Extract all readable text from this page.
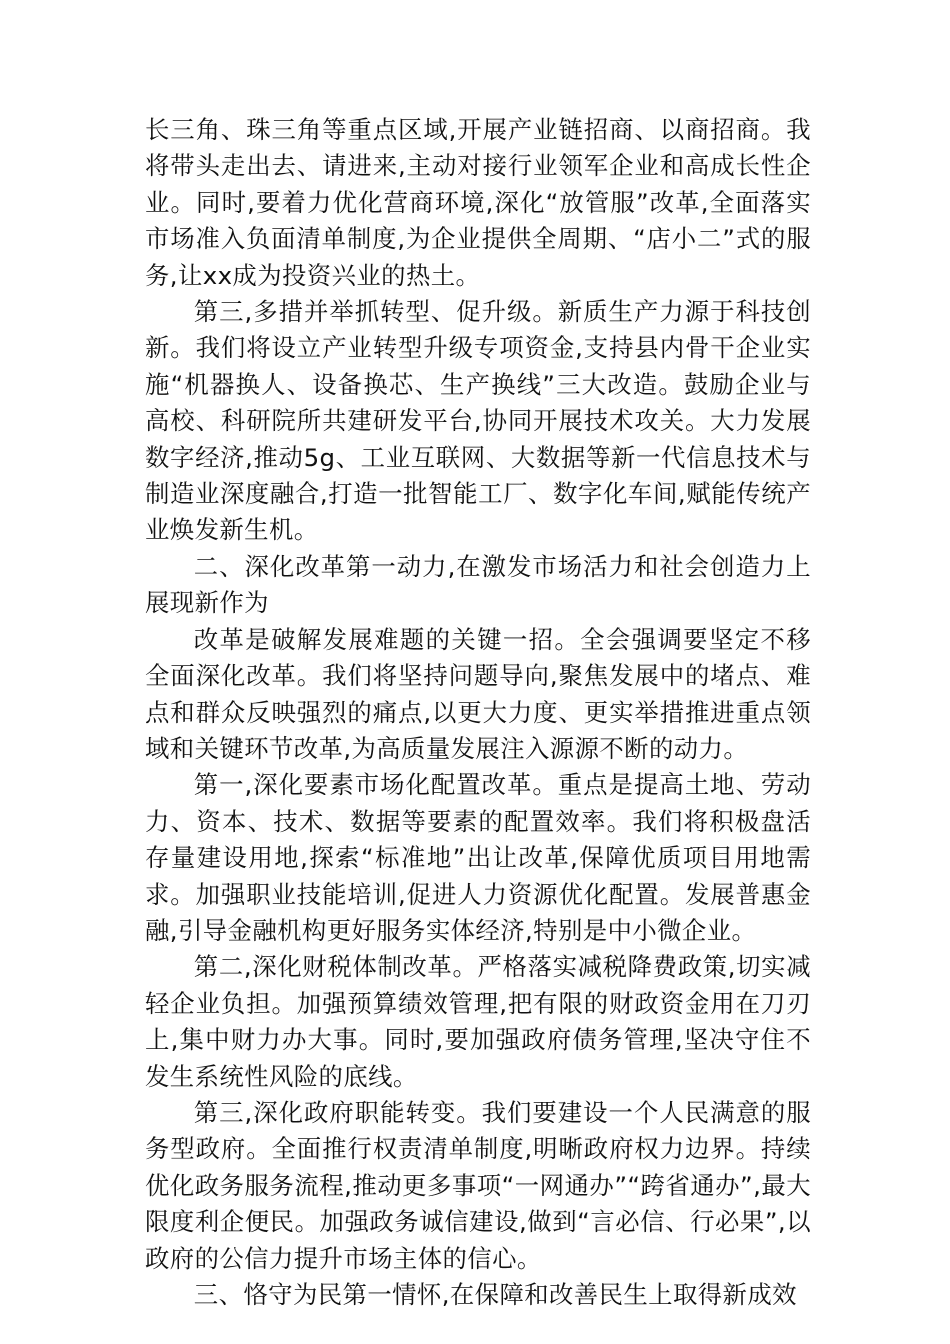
长三角、珠三角等重点区域,开展产业链招商、以商招商。我将带头走出去、请进来,主动对接行业领军企业和高成长性企业。同时,要着力优化营商环境,深化“放管服”改革,全面落实市场准入负面清单制度,为企业提供全周期、“店小二”式的服务,让xx成为投资兴业的热土。

第三,多措并举抓转型、促升级。新质生产力源于科技创新。我们将设立产业转型升级专项资金,支持县内骨干企业实施“机器换人、设备换芯、生产换线”三大改造。鼓励企业与高校、科研院所共建研发平台,协同开展技术攻关。大力发展数字经济,推动5g、工业互联网、大数据等新一代信息技术与制造业深度融合,打造一批智能工厂、数字化车间,赋能传统产业焕发新生机。

二、深化改革第一动力,在激发市场活力和社会创造力上展现新作为

改革是破解发展难题的关键一招。全会强调要坚定不移全面深化改革。我们将坚持问题导向,聚焦发展中的堵点、难点和群众反映强烈的痛点,以更大力度、更实举措推进重点领域和关键环节改革,为高质量发展注入源源不断的动力。

第一,深化要素市场化配置改革。重点是提高土地、劳动力、资本、技术、数据等要素的配置效率。我们将积极盘活存量建设用地,探索“标准地”出让改革,保障优质项目用地需求。加强职业技能培训,促进人力资源优化配置。发展普惠金融,引导金融机构更好服务实体经济,特别是中小微企业。

第二,深化财税体制改革。严格落实减税降费政策,切实减轻企业负担。加强预算绩效管理,把有限的财政资金用在刀刃上,集中财力办大事。同时,要加强政府债务管理,坚决守住不发生系统性风险的底线。

第三,深化政府职能转变。我们要建设一个人民满意的服务型政府。全面推行权责清单制度,明晰政府权力边界。持续优化政务服务流程,推动更多事项“一网通办”“跨省通办”,最大限度利企便民。加强政务诚信建设,做到“言必信、行必果”,以政府的公信力提升市场主体的信心。

三、恪守为民第一情怀,在保障和改善民生上取得新成效
